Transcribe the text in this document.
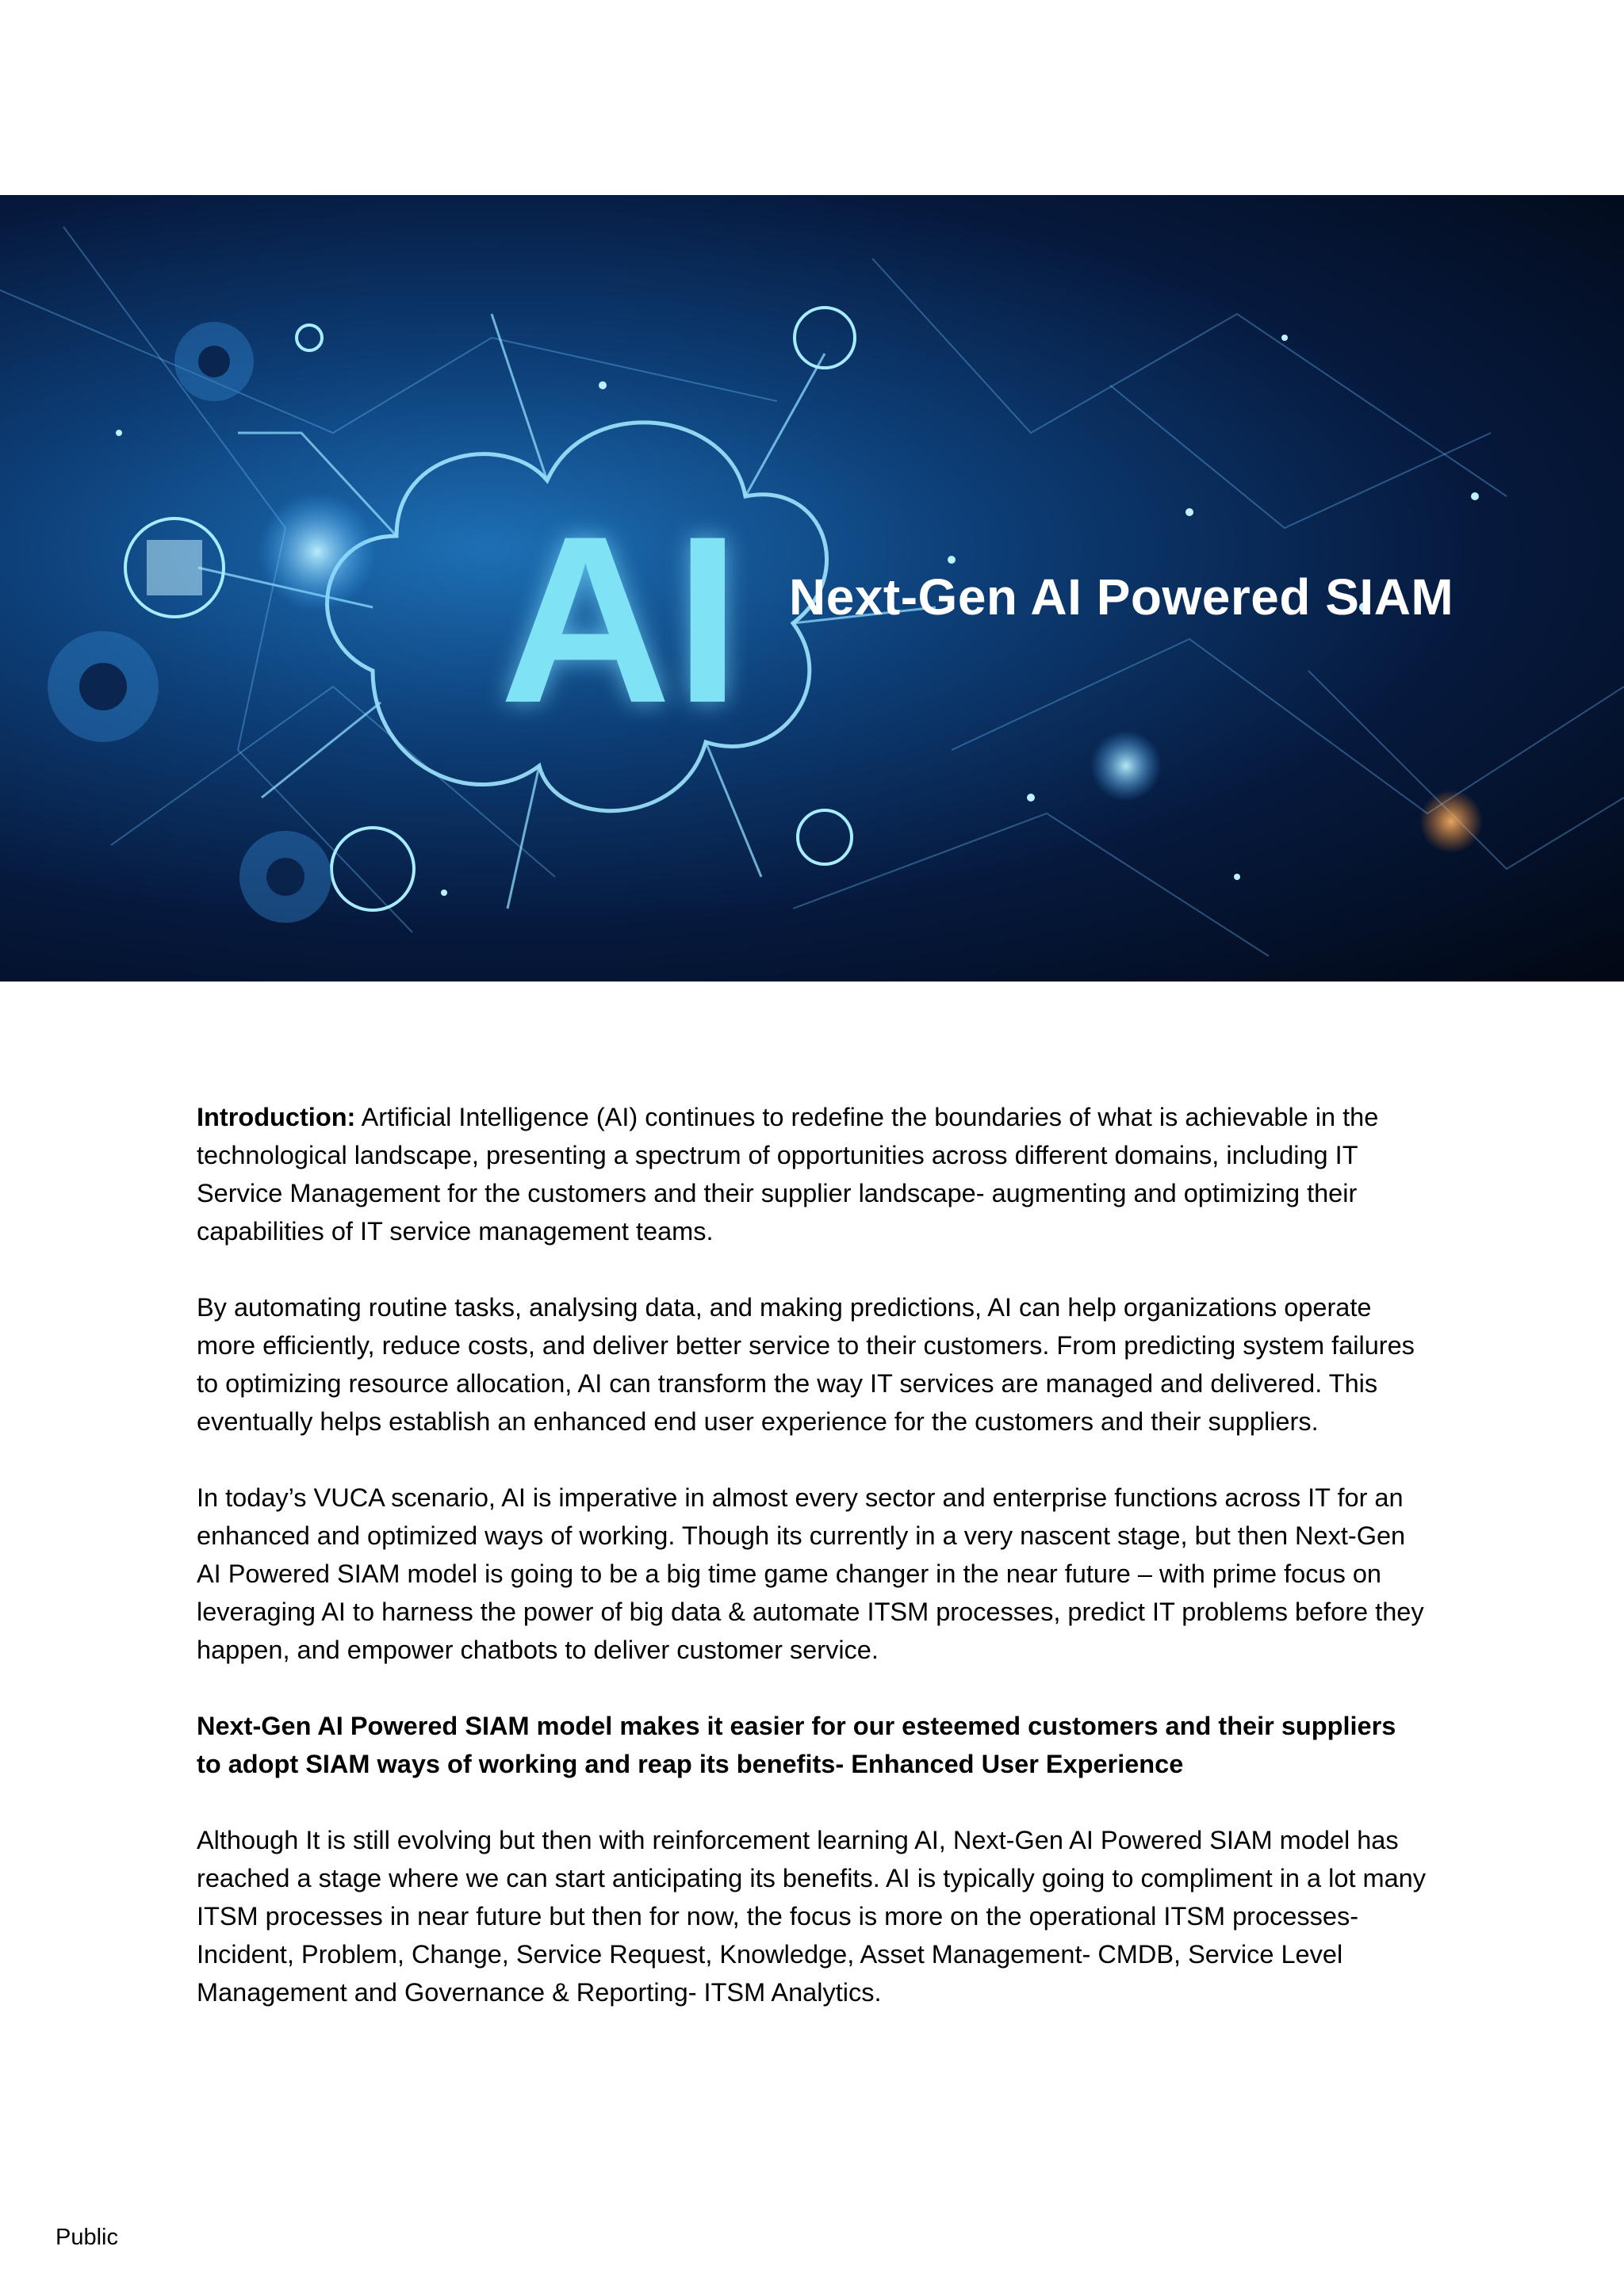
AI Next-Gen AI Powered SIAM

Introduction: Artificial Intelligence (AI) continues to redefine the boundaries of what is achievable in the technological landscape, presenting a spectrum of opportunities across different domains, including IT Service Management for the customers and their supplier landscape- augmenting and optimizing their capabilities of IT service management teams.

By automating routine tasks, analysing data, and making predictions, AI can help organizations operate more efficiently, reduce costs, and deliver better service to their customers. From predicting system failures to optimizing resource allocation, AI can transform the way IT services are managed and delivered. This eventually helps establish an enhanced end user experience for the customers and their suppliers.

In today’s VUCA scenario, AI is imperative in almost every sector and enterprise functions across IT for an enhanced and optimized ways of working. Though its currently in a very nascent stage, but then Next-Gen AI Powered SIAM model is going to be a big time game changer in the near future – with prime focus on leveraging AI to harness the power of big data & automate ITSM processes, predict IT problems before they happen, and empower chatbots to deliver customer service.

Next-Gen AI Powered SIAM model makes it easier for our esteemed customers and their suppliers to adopt SIAM ways of working and reap its benefits- Enhanced User Experience

Although It is still evolving but then with reinforcement learning AI, Next-Gen AI Powered SIAM model has reached a stage where we can start anticipating its benefits. AI is typically going to compliment in a lot many ITSM processes in near future but then for now, the focus is more on the operational ITSM processes- Incident, Problem, Change, Service Request, Knowledge, Asset Management- CMDB, Service Level Management and Governance & Reporting- ITSM Analytics.

Public
